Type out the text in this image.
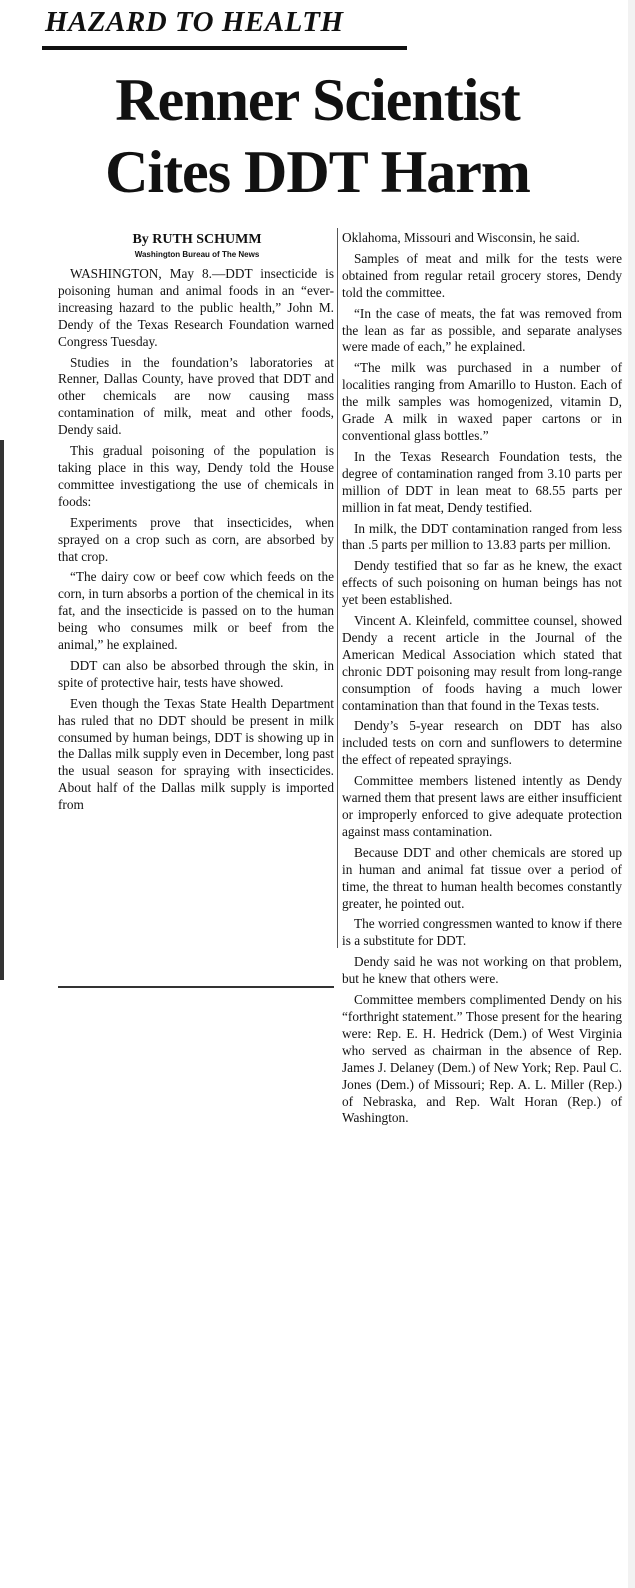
HAZARD TO HEALTH
Renner Scientist
Cites DDT Harm
By RUTH SCHUMM
Washington Bureau of The News

WASHINGTON, May 8.—DDT insecticide is poisoning human and animal foods in an “ever-increasing hazard to the public health,” John M. Dendy of the Texas Research Foundation warned Congress Tuesday.

Studies in the foundation’s laboratories at Renner, Dallas County, have proved that DDT and other chemicals are now causing mass contamination of milk, meat and other foods, Dendy said.

This gradual poisoning of the population is taking place in this way, Dendy told the House committee investigationg the use of chemicals in foods:

Experiments prove that insecticides, when sprayed on a crop such as corn, are absorbed by that crop.

“The dairy cow or beef cow which feeds on the corn, in turn absorbs a portion of the chemical in its fat, and the insecticide is passed on to the human being who consumes milk or beef from the animal,” he explained.

DDT can also be absorbed through the skin, in spite of protective hair, tests have showed.

Even though the Texas State Health Department has ruled that no DDT should be present in milk consumed by human beings, DDT is showing up in the Dallas milk supply even in December, long past the usual season for spraying with insecticides. About half of the Dallas milk supply is imported from

Oklahoma, Missouri and Wisconsin, he said.

Samples of meat and milk for the tests were obtained from regular retail grocery stores, Dendy told the committee.

“In the case of meats, the fat was removed from the lean as far as possible, and separate analyses were made of each,” he explained.

“The milk was purchased in a number of localities ranging from Amarillo to Huston. Each of the milk samples was homogenized, vitamin D, Grade A milk in waxed paper cartons or in conventional glass bottles.”

In the Texas Research Foundation tests, the degree of contamination ranged from 3.10 parts per million of DDT in lean meat to 68.55 parts per million in fat meat, Dendy testified.

In milk, the DDT contamination ranged from less than .5 parts per million to 13.83 parts per million.

Dendy testified that so far as he knew, the exact effects of such poisoning on human beings has not yet been established.

Vincent A. Kleinfeld, committee counsel, showed Dendy a recent article in the Journal of the American Medical Association which stated that chronic DDT poisoning may result from long-range consumption of foods having a much lower contamination than that found in the Texas tests.

Dendy’s 5-year research on DDT has also included tests on corn and sunflowers to determine the effect of repeated sprayings.

Committee members listened intently as Dendy warned them that present laws are either insufficient or improperly enforced to give adequate protection against mass contamination.

Because DDT and other chemicals are stored up in human and animal fat tissue over a period of time, the threat to human health becomes constantly greater, he pointed out.

The worried congressmen wanted to know if there is a substitute for DDT.

Dendy said he was not working on that problem, but he knew that others were.

Committee members complimented Dendy on his “forthright statement.” Those present for the hearing were: Rep. E. H. Hedrick (Dem.) of West Virginia who served as chairman in the absence of Rep. James J. Delaney (Dem.) of New York; Rep. Paul C. Jones (Dem.) of Missouri; Rep. A. L. Miller (Rep.) of Nebraska, and Rep. Walt Horan (Rep.) of Washington.
